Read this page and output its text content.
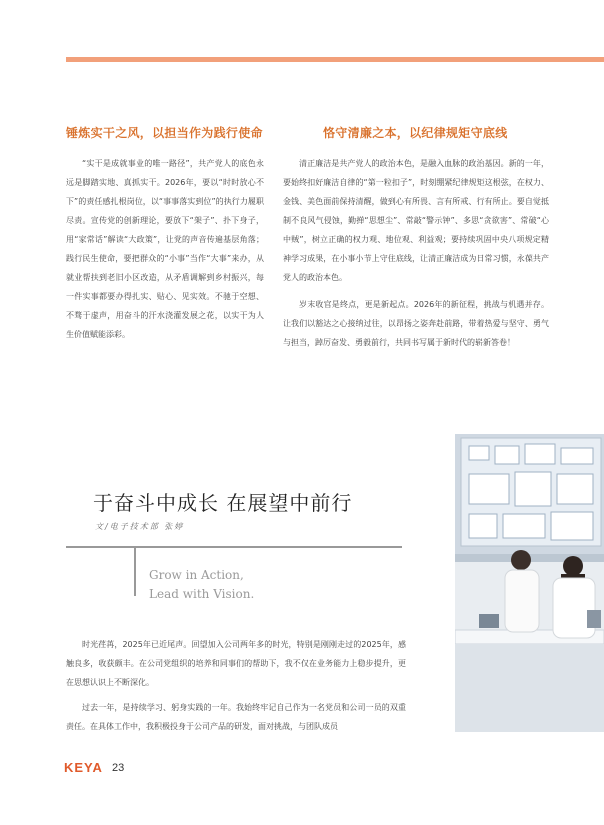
锤炼实干之风，以担当作为践行使命

“实干是成就事业的唯一路径”，共产党人的底色永远是脚踏实地、真抓实干。2026年，要以“时时放心不下”的责任感扎根岗位，以“事事落实到位”的执行力履职尽责。宣传党的创新理论，要放下“架子”、扑下身子，用“家常话”解读“大政策”，让党的声音传遍基层角落；践行民生使命，要把群众的“小事”当作“大事”来办，从就业帮扶到老旧小区改造，从矛盾调解到乡村振兴，每一件实事都要办得扎实、贴心、见实效。不驰于空想、不骛于虚声，用奋斗的汗水浇灌发展之花，以实干为人生价值赋能添彩。

恪守清廉之本，以纪律规矩守底线

清正廉洁是共产党人的政治本色，是融入血脉的政治基因。新的一年，要始终扣好廉洁自律的“第一粒扣子”，时刻绷紧纪律规矩这根弦，在权力、金钱、美色面前保持清醒，做到心有所畏、言有所戒、行有所止。要自觉抵制不良风气侵蚀，勤掸“思想尘”、常敲“警示钟”、多思“贪欲害”、常破“心中贼”，树立正确的权力观、地位观、利益观；要持续巩固中央八项规定精神学习成果，在小事小节上守住底线，让清正廉洁成为日常习惯，永葆共产党人的政治本色。

岁末收官是终点，更是新起点。2026年的新征程，挑战与机遇并存。让我们以豁达之心接纳过往，以昂扬之姿奔赴前路，带着热爱与坚守、勇气与担当，踔厉奋发、勇毅前行，共同书写属于新时代的崭新答卷！

于奋斗中成长 在展望中前行
文/电子技术部 张婷
Grow in Action,
Lead with Vision.

时光荏苒，2025年已近尾声。回望加入公司两年多的时光，特别是刚刚走过的2025年，感触良多，收获颇丰。在公司党组织的培养和同事们的帮助下，我不仅在业务能力上稳步提升，更在思想认识上不断深化。

过去一年，是持续学习、躬身实践的一年。我始终牢记自己作为一名党员和公司一员的双重责任。在具体工作中，我积极投身于公司产品的研发，面对挑战，与团队成员

KEYA 23
